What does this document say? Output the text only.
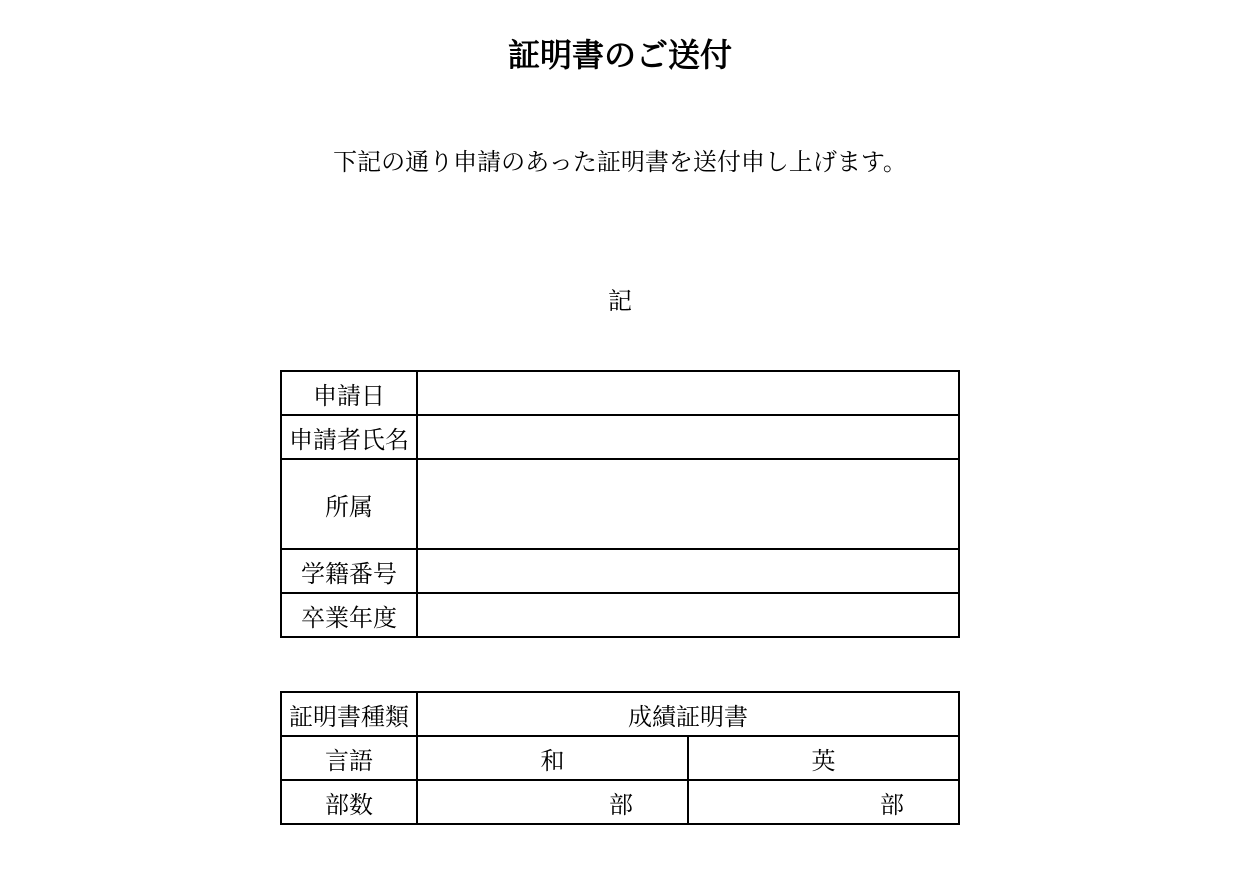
証明書のご送付
下記の通り申請のあった証明書を送付申し上げます。
記
申請日	
申請者氏名	
所属	
学籍番号	
卒業年度	
証明書種類	成績証明書	
言語	和	英
部数	部	部
